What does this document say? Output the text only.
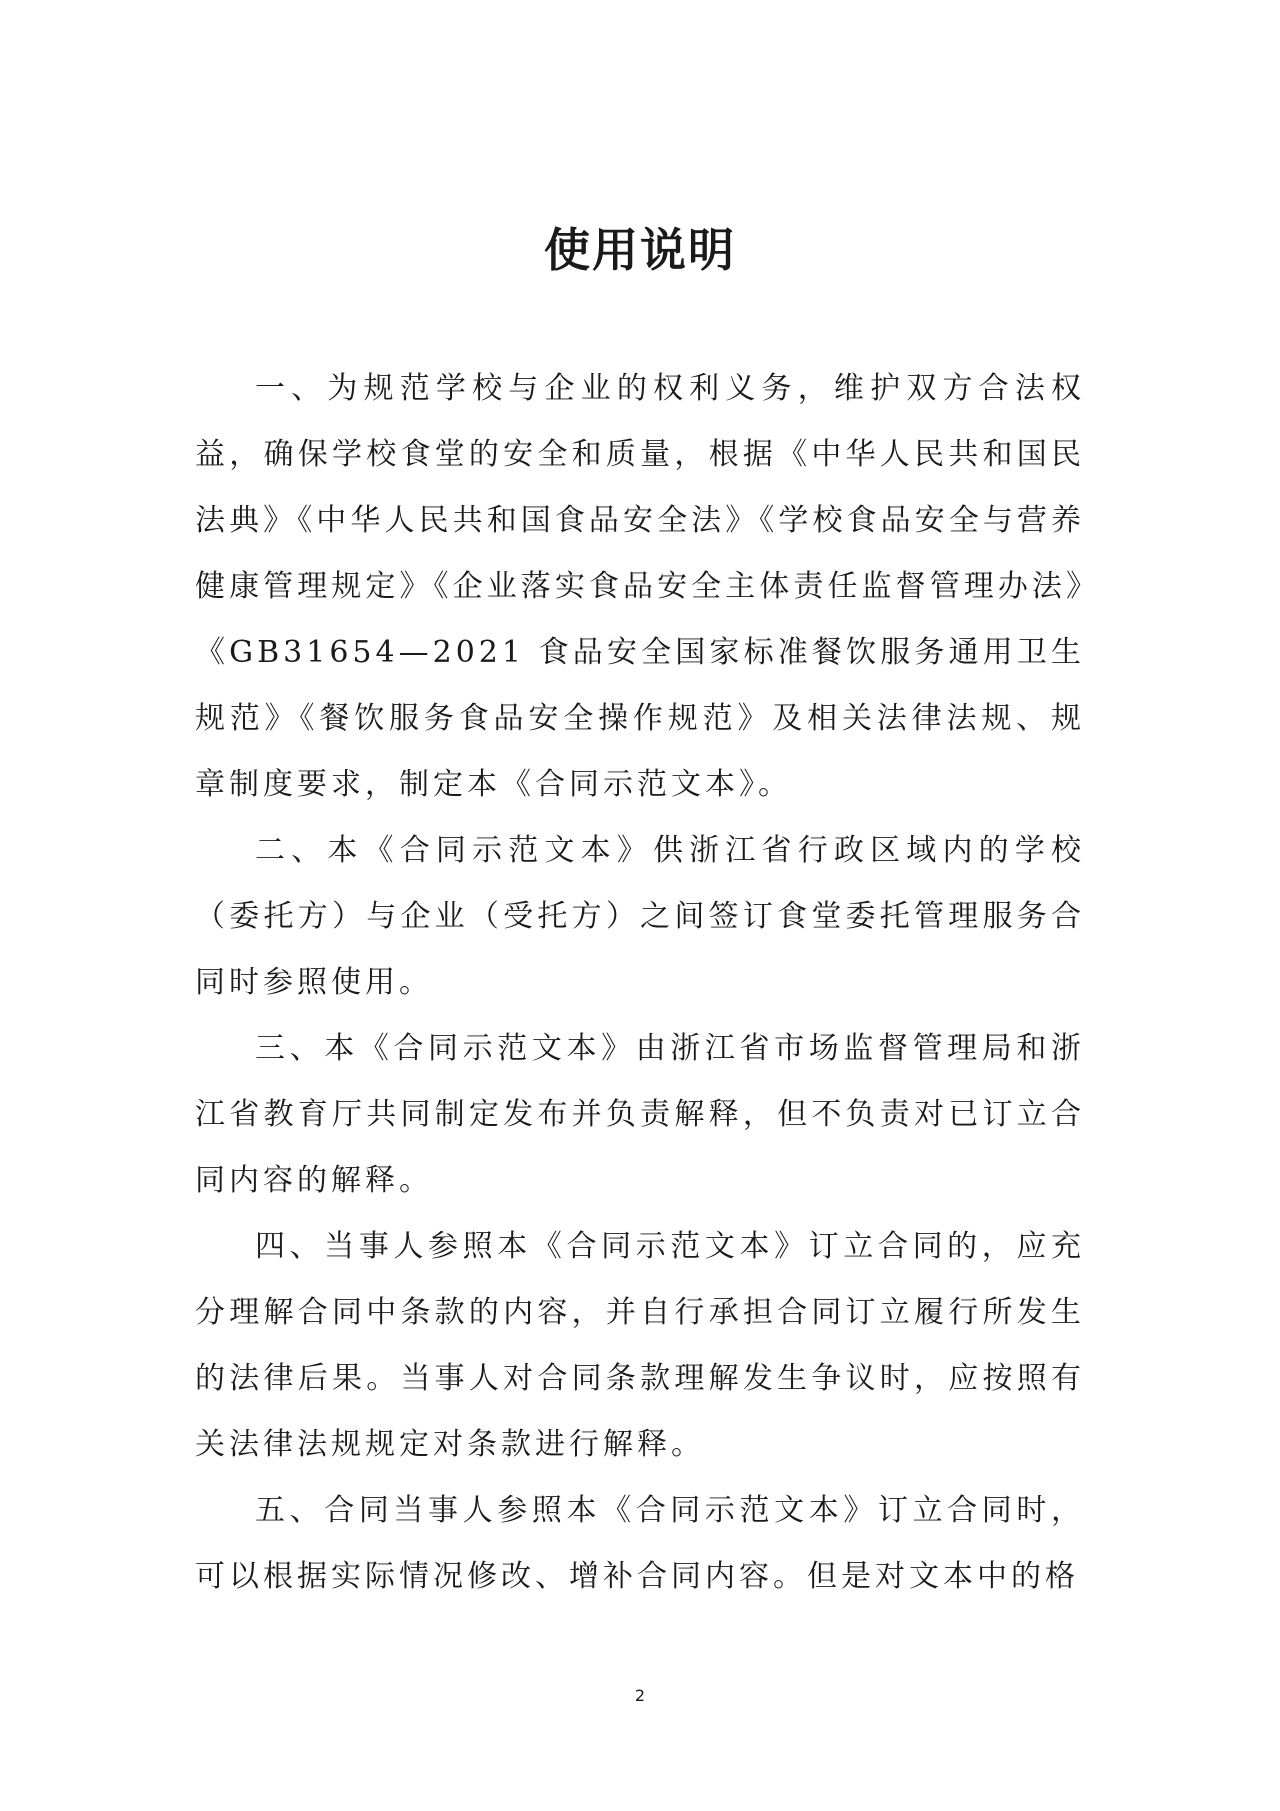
使用说明

一、为规范学校与企业的权利义务，维护双方合法权益，确保学校食堂的安全和质量，根据《中华人民共和国民法典》《中华人民共和国食品安全法》《学校食品安全与营养健康管理规定》《企业落实食品安全主体责任监督管理办法》《GB31654—2021 食品安全国家标准餐饮服务通用卫生规范》《餐饮服务食品安全操作规范》及相关法律法规、规章制度要求，制定本《合同示范文本》。

二、本《合同示范文本》供浙江省行政区域内的学校（委托方）与企业（受托方）之间签订食堂委托管理服务合同时参照使用。

三、本《合同示范文本》由浙江省市场监督管理局和浙江省教育厅共同制定发布并负责解释，但不负责对已订立合同内容的解释。

四、当事人参照本《合同示范文本》订立合同的，应充分理解合同中条款的内容，并自行承担合同订立履行所发生的法律后果。当事人对合同条款理解发生争议时，应按照有关法律法规规定对条款进行解释。

五、合同当事人参照本《合同示范文本》订立合同时，可以根据实际情况修改、增补合同内容。但是对文本中的格

2
